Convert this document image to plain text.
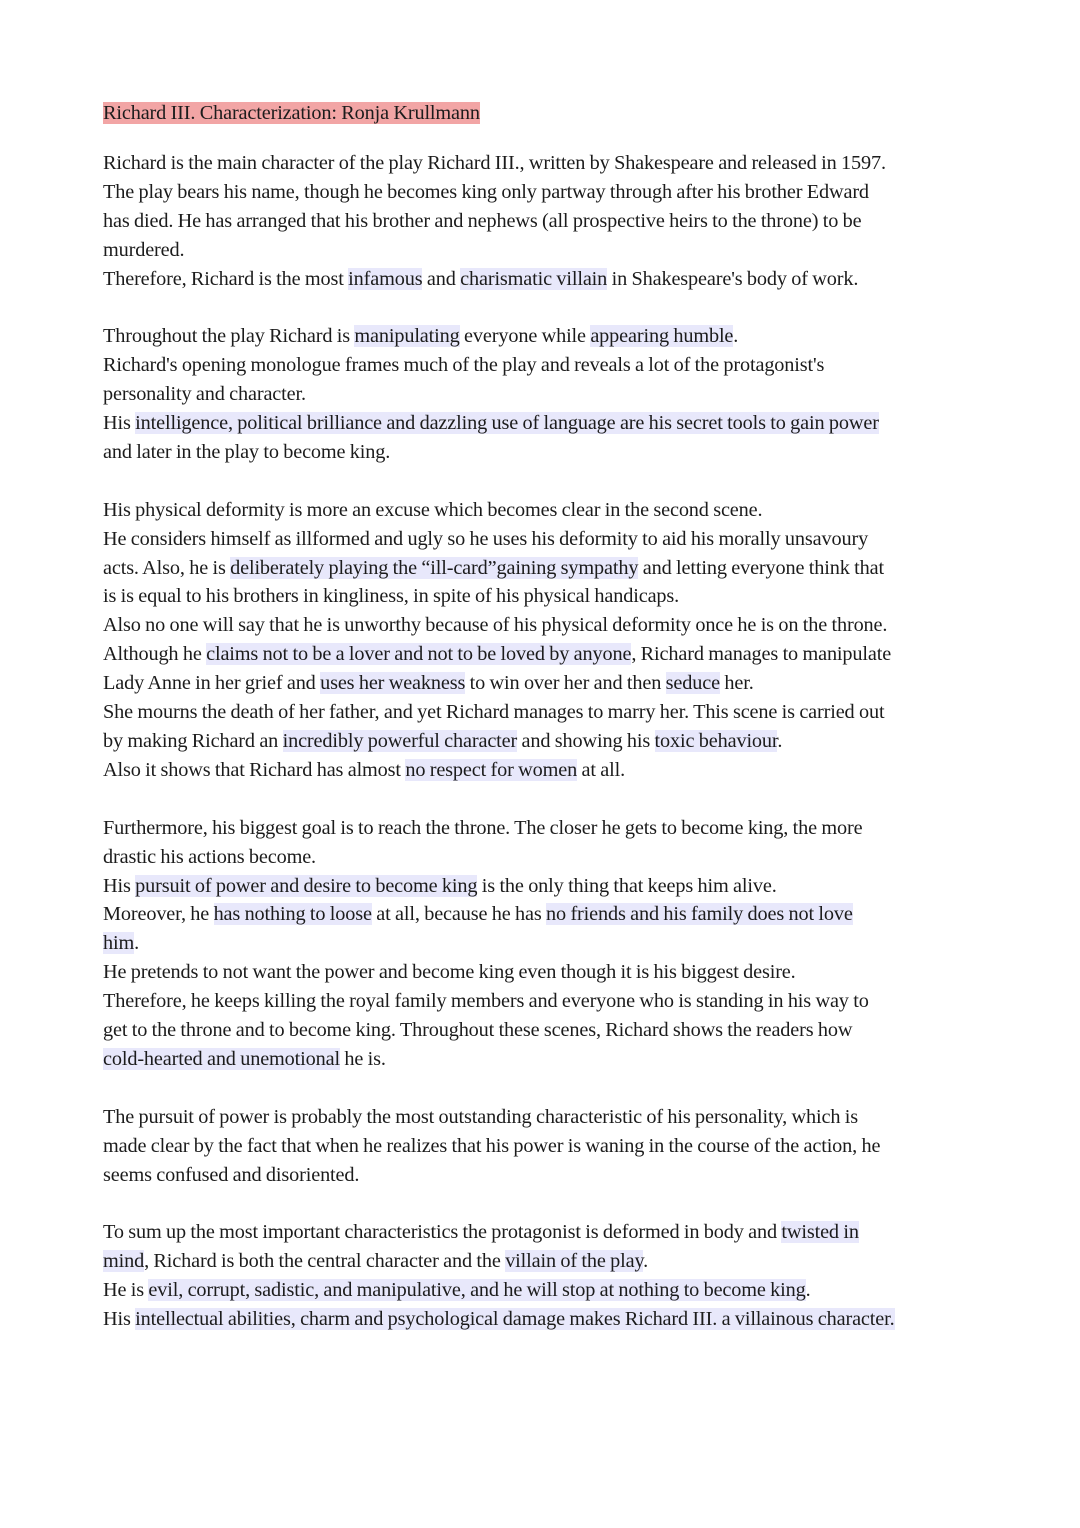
Richard III. Characterization: Ronja Krullmann
Richard is the main character of the play Richard III., written by Shakespeare and released in 1597.
The play bears his name, though he becomes king only partway through after his brother Edward
has died. He has arranged that his brother and nephews (all prospective heirs to the throne) to be
murdered.
Therefore, Richard is the most infamous and charismatic villain in Shakespeare's body of work.
Throughout the play Richard is manipulating everyone while appearing humble.
Richard's opening monologue frames much of the play and reveals a lot of the protagonist's
personality and character.
His intelligence, political brilliance and dazzling use of language are his secret tools to gain power
and later in the play to become king.
His physical deformity is more an excuse which becomes clear in the second scene.
He considers himself as illformed and ugly so he uses his deformity to aid his morally unsavoury
acts. Also, he is deliberately playing the “ill-card”gaining sympathy and letting everyone think that
is is equal to his brothers in kingliness, in spite of his physical handicaps.
Also no one will say that he is unworthy because of his physical deformity once he is on the throne.
Although he claims not to be a lover and not to be loved by anyone, Richard manages to manipulate
Lady Anne in her grief and uses her weakness to win over her and then seduce her.
She mourns the death of her father, and yet Richard manages to marry her. This scene is carried out
by making Richard an incredibly powerful character and showing his toxic behaviour.
Also it shows that Richard has almost no respect for women at all.
Furthermore, his biggest goal is to reach the throne. The closer he gets to become king, the more
drastic his actions become.
His pursuit of power and desire to become king is the only thing that keeps him alive.
Moreover, he has nothing to loose at all, because he has no friends and his family does not love
him.
He pretends to not want the power and become king even though it is his biggest desire.
Therefore, he keeps killing the royal family members and everyone who is standing in his way to
get to the throne and to become king. Throughout these scenes, Richard shows the readers how
cold-hearted and unemotional he is.
The pursuit of power is probably the most outstanding characteristic of his personality, which is
made clear by the fact that when he realizes that his power is waning in the course of the action, he
seems confused and disoriented.
To sum up the most important characteristics the protagonist is deformed in body and twisted in
mind, Richard is both the central character and the villain of the play.
He is evil, corrupt, sadistic, and manipulative, and he will stop at nothing to become king.
His intellectual abilities, charm and psychological damage makes Richard III. a villainous character.
